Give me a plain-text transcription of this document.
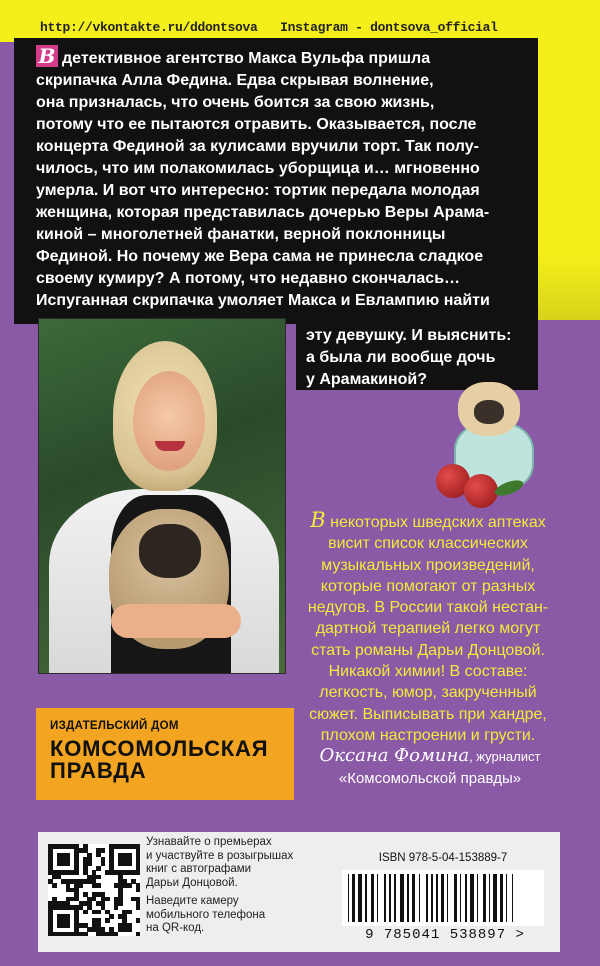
http://vkontakte.ru/ddontsova Instagram - dontsova_official
В детективное агентство Макса Вульфа пришла
скрипачка Алла Федина. Едва скрывая волнение,
она призналась, что очень боится за свою жизнь,
потому что ее пытаются отравить. Оказывается, после
концерта Фединой за кулисами вручили торт. Так полу-
чилось, что им полакомилась уборщица и… мгновенно
умерла. И вот что интересно: тортик передала молодая
женщина, которая представилась дочерью Веры Арама-
киной – многолетней фанатки, верной поклонницы
Фединой. Но почему же Вера сама не принесла сладкое
своему кумиру? А потому, что недавно скончалась…
Испуганная скрипачка умоляет Макса и Евлампию найти
эту девушку. И выяснить:
а была ли вообще дочь
у Арамакиной?
В некоторых шведских аптеках
висит список классических
музыкальных произведений,
которые помогают от разных
недугов. В России такой нестан-
дартной терапией легко могут
стать романы Дарьи Донцовой.
Никакой химии! В составе:
легкость, юмор, закрученный
сюжет. Выписывать при хандре,
плохом настроении и грусти.
Оксана Фомина, журналист
«Комсомольской правды»
ИЗДАТЕЛЬСКИЙ ДОМ
КОМСОМОЛЬСКАЯ
ПРАВДА
Узнавайте о премьерах
и участвуйте в розыгрышах
книг с автографами
Дарьи Донцовой.
Наведите камеру
мобильного телефона
на QR-код.
ISBN 978-5-04-153889-7
9 785041 538897 >
